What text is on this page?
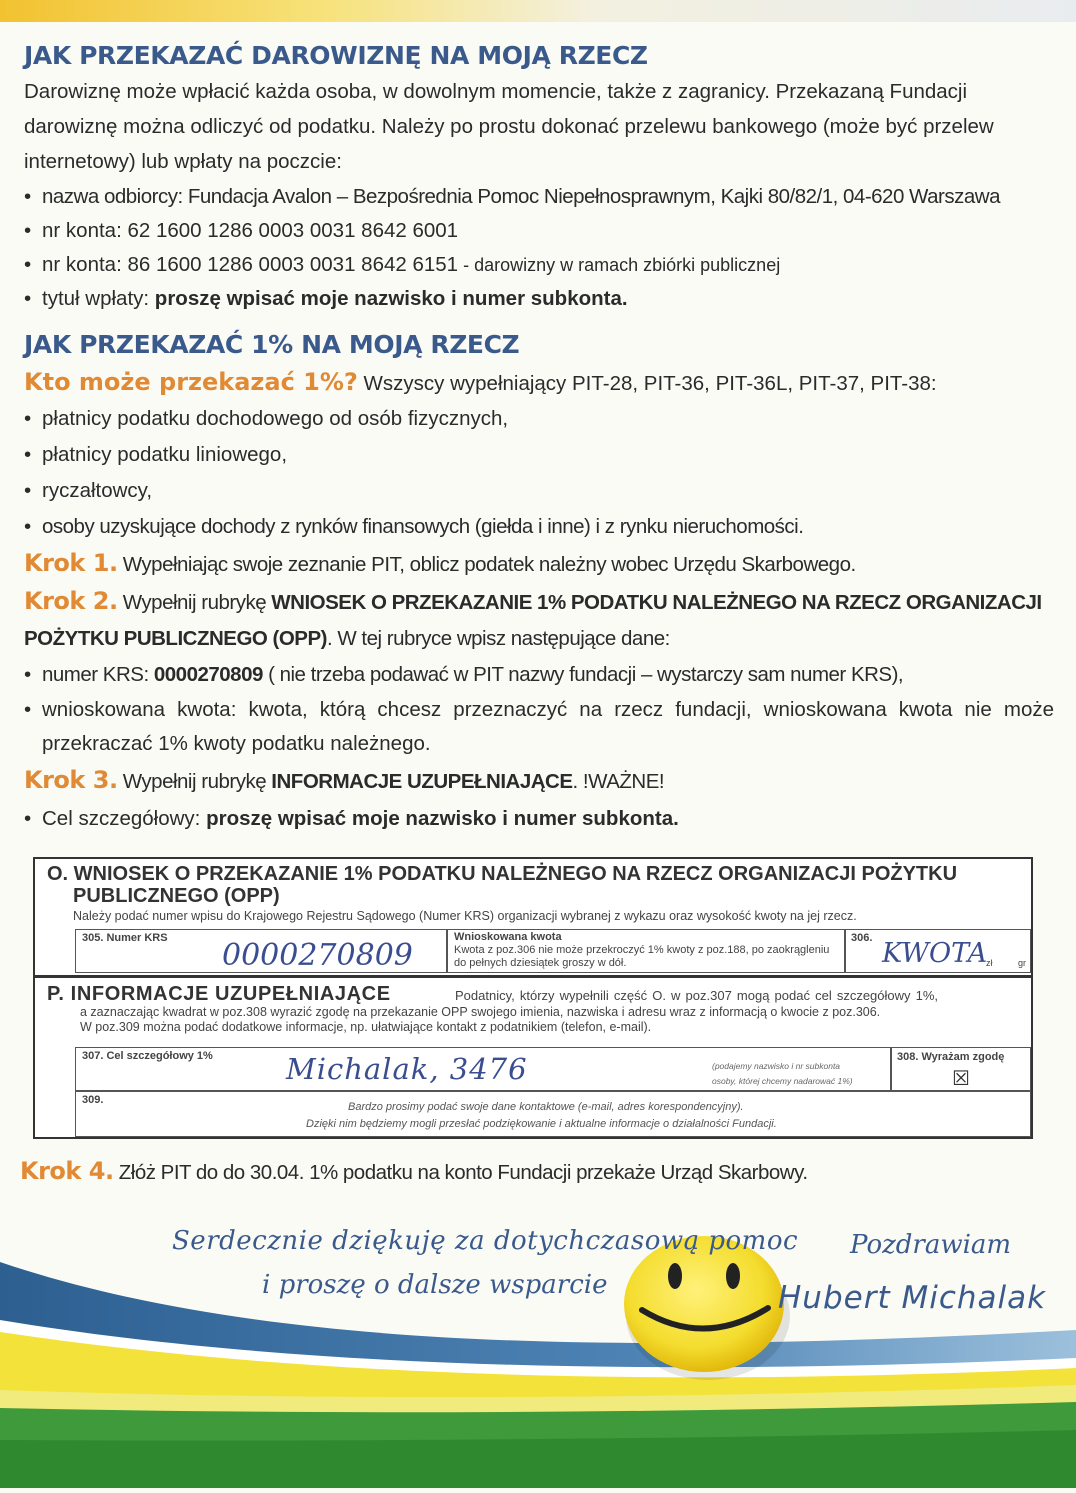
JAK PRZEKAZAĆ DAROWIZNĘ NA MOJĄ RZECZ

Darowiznę może wpłacić każda osoba, w dowolnym momencie, także z zagranicy. Przekazaną Fundacji darowiznę można odliczyć od podatku. Należy po prostu dokonać przelewu bankowego (może być przelew internetowy) lub wpłaty na poczcie:

• nazwa odbiorcy: Fundacja Avalon – Bezpośrednia Pomoc Niepełnosprawnym, Kajki 80/82/1, 04-620 Warszawa

• nr konta: 62 1600 1286 0003 0031 8642 6001

• nr konta: 86 1600 1286 0003 0031 8642 6151 - darowizny w ramach zbiórki publicznej

• tytuł wpłaty: proszę wpisać moje nazwisko i numer subkonta.

JAK PRZEKAZAĆ 1% NA MOJĄ RZECZ

Kto może przekazać 1%? Wszyscy wypełniający PIT-28, PIT-36, PIT-36L, PIT-37, PIT-38:

• płatnicy podatku dochodowego od osób fizycznych,

• płatnicy podatku liniowego,

• ryczałtowcy,

• osoby uzyskujące dochody z rynków finansowych (giełda i inne) i z rynku nieruchomości.

Krok 1. Wypełniając swoje zeznanie PIT, oblicz podatek należny wobec Urzędu Skarbowego.

Krok 2. Wypełnij rubrykę WNIOSEK O PRZEKAZANIE 1% PODATKU NALEŻNEGO NA RZECZ ORGANIZACJI POŻYTKU PUBLICZNEGO (OPP). W tej rubryce wpisz następujące dane:

• numer KRS: 0000270809 ( nie trzeba podawać w PIT nazwy fundacji – wystarczy sam numer KRS),

• wnioskowana kwota: kwota, którą chcesz przeznaczyć na rzecz fundacji, wnioskowana kwota nie może przekraczać 1% kwoty podatku należnego.

Krok 3. Wypełnij rubrykę INFORMACJE UZUPEŁNIAJĄCE. !WAŻNE!

• Cel szczegółowy: proszę wpisać moje nazwisko i numer subkonta.

O. WNIOSEK O PRZEKAZANIE 1% PODATKU NALEŻNEGO NA RZECZ ORGANIZACJI POŻYTKU
PUBLICZNEGO (OPP)
Należy podać numer wpisu do Krajowego Rejestru Sądowego (Numer KRS) organizacji wybranej z wykazu oraz wysokość kwoty na jej rzecz.
305. Numer KRS 0000270809
Wnioskowana kwota
Kwota z poz.306 nie może przekroczyć 1% kwoty z poz.188, po zaokrągleniu do pełnych dziesiątek groszy w dół.
306. KWOTA
zł	gr
P. INFORMACJE UZUPEŁNIAJĄCE	Podatnicy, którzy wypełnili część O. w poz.307 mogą podać cel szczegółowy 1%,
a zaznaczając kwadrat w poz.308 wyrazić zgodę na przekazanie OPP swojego imienia, nazwiska i adresu wraz z informacją o kwocie z poz.306.
W poz.309 można podać dodatkowe informacje, np. ułatwiające kontakt z podatnikiem (telefon, e-mail).
307. Cel szczegółowy 1%	Michalak, 3476	(podajemy nazwisko i nr subkonta
osoby, której chcemy nadarować 1%)
308. Wyrażam zgodę
☒
309.
Bardzo prosimy podać swoje dane kontaktowe (e-mail, adres korespondencyjny).
Dzięki nim będziemy mogli przesłać podziękowanie i aktualne informacje o działalności Fundacji.

Krok 4. Złóż PIT do do 30.04. 1% podatku na konto Fundacji przekaże Urząd Skarbowy.

Serdecznie dziękuję za dotychczasową pomoc
i proszę o dalsze wsparcie
Pozdrawiam
Hubert Michalak
